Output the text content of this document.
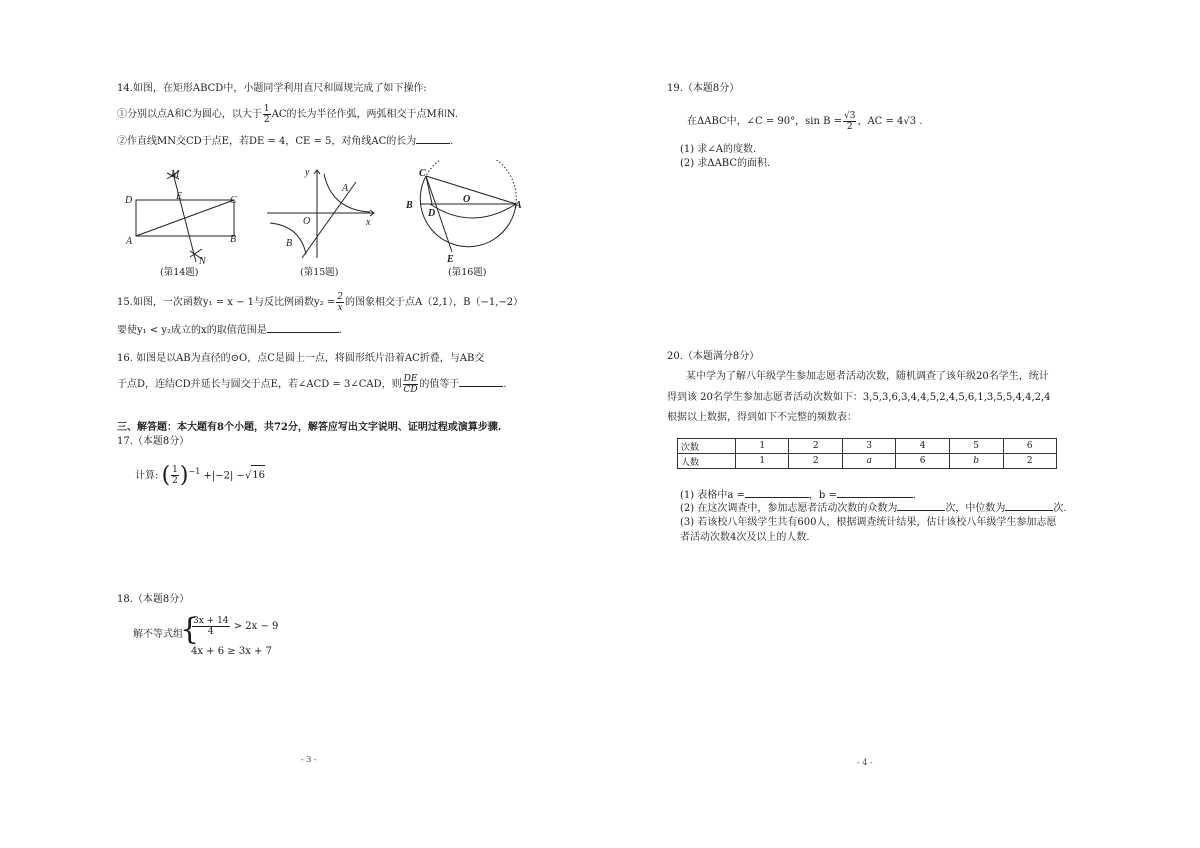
14.如图，在矩形ABCD中，小题同学利用直尺和圆规完成了如下操作:
①分别以点A和C为圆心，以大于 $\frac{1}{2}$ AC的长为半径作弧，两弧相交于点M和N.
②作直线MN交CD于点E，若DE = 4，CE = 5，对角线AC的长为	.
M
D	E	C
A	B
N
(第14题)
y
x
O
A
B
(第15题)
C
B
D
O
A
E
(第16题)
15.如图，一次函数y₁ = x − 1与反比例函数$y_2 = \frac{2}{x}$ 的图象相交于点A（2,1），B（−1,−2）
要使y₁ < y₂成立的x的取值范围是	.
16. 如图是以AB为直径的⊙O，点C是圆上一点，将圆形纸片沿着AC折叠，与AB交
于点D，连结CD并延长与圆交于点E，若∠ACD = 3∠CAD，则 $\frac{DE}{CD}$ 的值等于	.
三、解答题：本大题有8个小题，共72分，解答应写出文字说明、证明过程或演算步骤.
17.（本题8分）
计算: ( $\frac{1}{2} )^{-1} +|-2| -√16$
18.（本题8分）
解不等式组
{
$\frac{3x + 14}{4} > 2x - 9$
4x + 6 ≥ 3x + 7
- 3 -
19.（本题8分）
在ΔABC中，∠C = 90°，$\sin B = \frac{√3}{2}$ ，AC = 4√3 .
(1) 求∠A的度数.
(2) 求ΔABC的面积.
20.（本题满分8分）
某中学为了解八年级学生参加志愿者活动次数，随机调查了该年级20名学生，统计
得到该 20名学生参加志愿者活动次数如下：3,5,3,6,3,4,4,5,2,4,5,6,1,3,5,5,4,4,2,4
根据以上数据，得到如下不完整的频数表：
次数	1	2	3	4	5	6
人数	1	2	a	6	b	2
(1) 表格中a =	，b =	.
(2) 在这次调查中，参加志愿者活动次数的众数为	次，中位数为	次.
(3) 若该校八年级学生共有600人，根据调查统计结果，估计该校八年级学生参加志愿
者活动次数4次及以上的人数.
- 4 -
